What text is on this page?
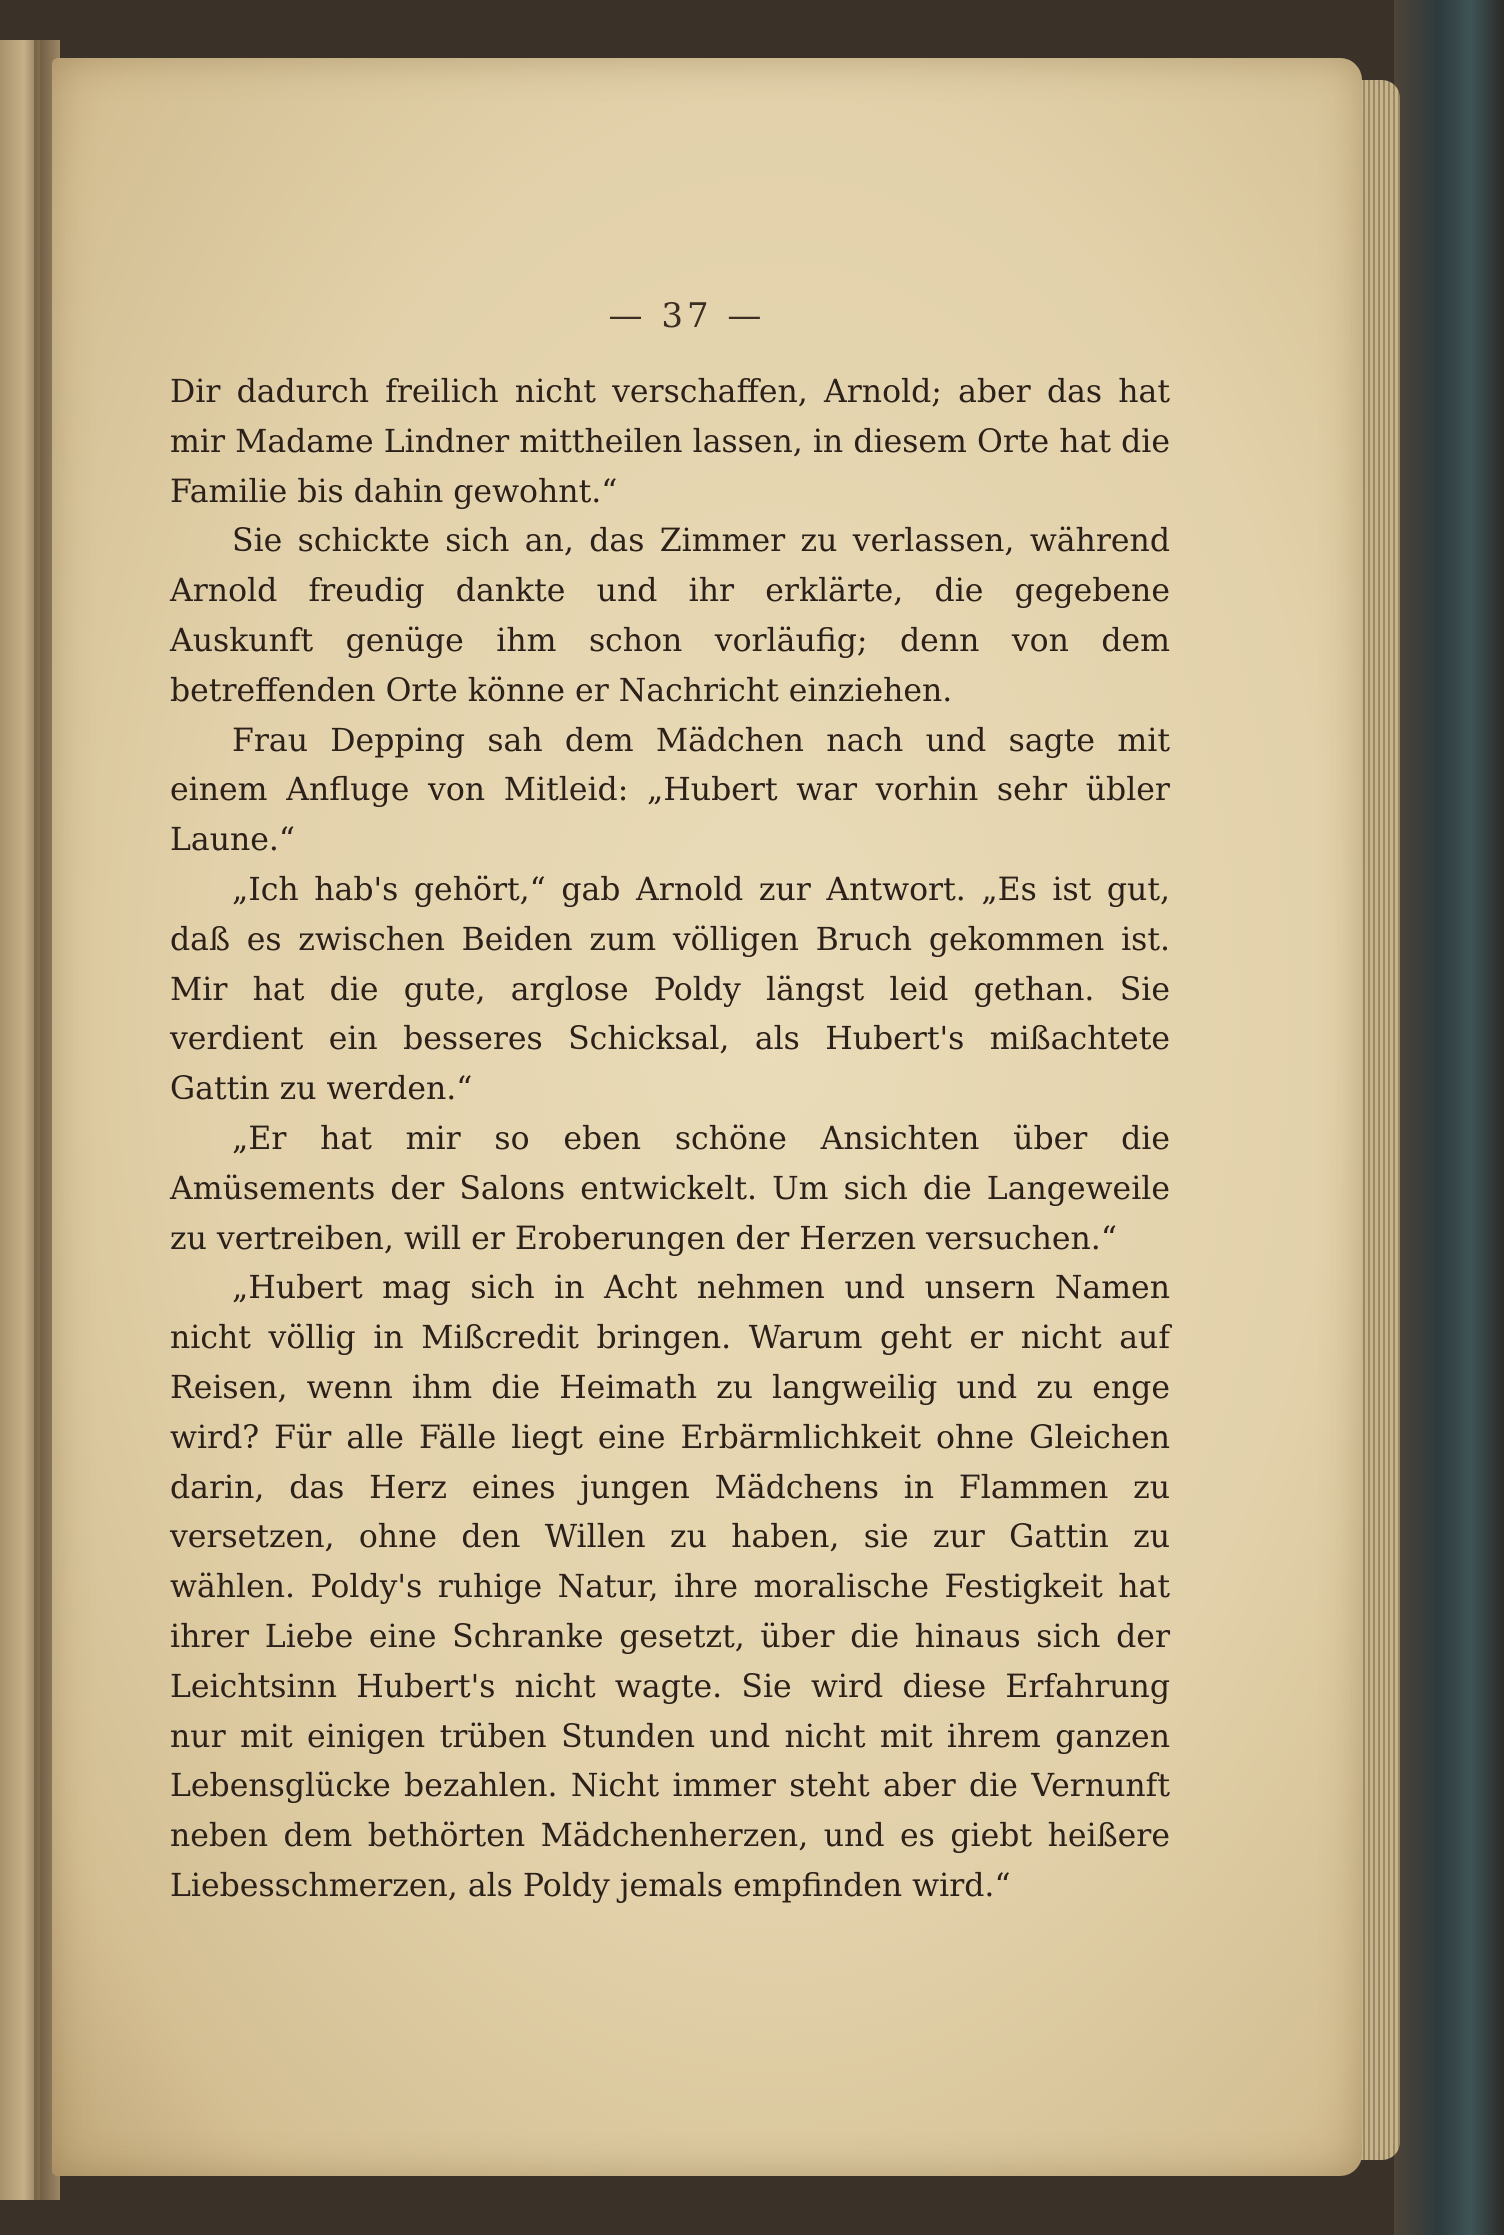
— 37 —

Dir dadurch freilich nicht verschaffen, Arnold; aber das hat mir Madame Lindner mittheilen lassen, in diesem Orte hat die Familie bis dahin gewohnt.“

Sie schickte sich an, das Zimmer zu verlassen, während Arnold freudig dankte und ihr erklärte, die gegebene Auskunft genüge ihm schon vorläufig; denn von dem betreffenden Orte könne er Nachricht einziehen.

Frau Depping sah dem Mädchen nach und sagte mit einem Anfluge von Mitleid: „Hubert war vorhin sehr übler Laune.“

„Ich hab's gehört,“ gab Arnold zur Antwort. „Es ist gut, daß es zwischen Beiden zum völligen Bruch gekommen ist. Mir hat die gute, arglose Poldy längst leid gethan. Sie verdient ein besseres Schicksal, als Hubert's mißachtete Gattin zu werden.“

„Er hat mir so eben schöne Ansichten über die Amüsements der Salons entwickelt. Um sich die Langeweile zu vertreiben, will er Eroberungen der Herzen versuchen.“

„Hubert mag sich in Acht nehmen und unsern Namen nicht völlig in Mißcredit bringen. Warum geht er nicht auf Reisen, wenn ihm die Heimath zu langweilig und zu enge wird? Für alle Fälle liegt eine Erbärmlichkeit ohne Gleichen darin, das Herz eines jungen Mädchens in Flammen zu versetzen, ohne den Willen zu haben, sie zur Gattin zu wählen. Poldy's ruhige Natur, ihre moralische Festigkeit hat ihrer Liebe eine Schranke gesetzt, über die hinaus sich der Leichtsinn Hubert's nicht wagte. Sie wird diese Erfahrung nur mit einigen trüben Stunden und nicht mit ihrem ganzen Lebensglücke bezahlen. Nicht immer steht aber die Vernunft neben dem bethörten Mädchenherzen, und es giebt heißere Liebesschmerzen, als Poldy jemals empfinden wird.“
